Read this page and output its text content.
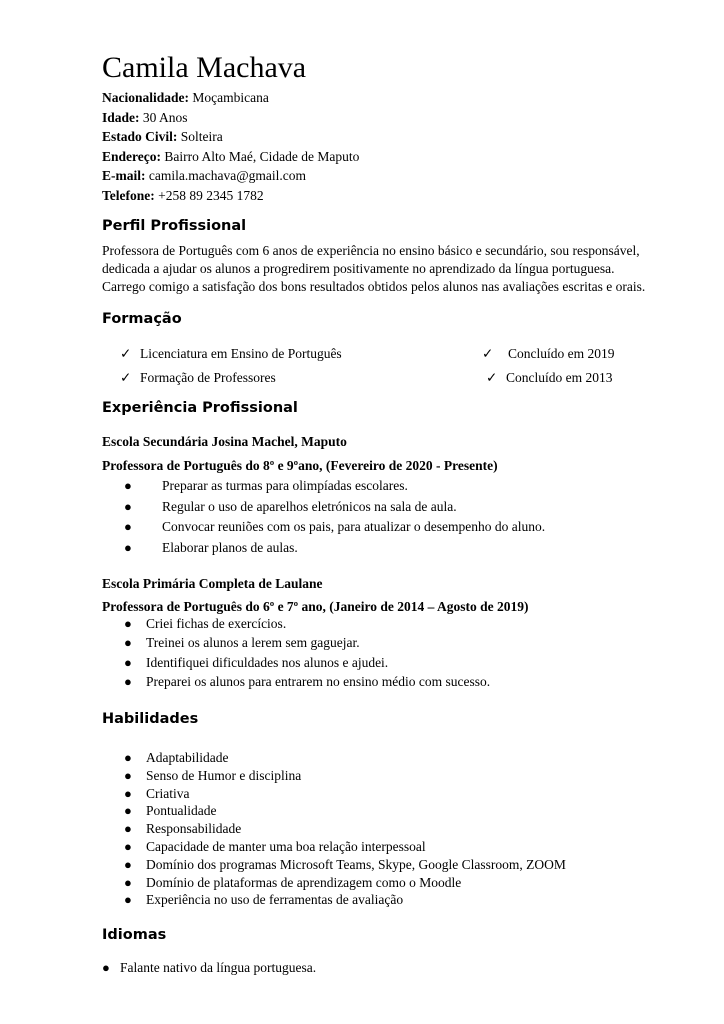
Camila Machava
Nacionalidade: Moçambicana
Idade: 30 Anos
Estado Civil: Solteira
Endereço: Bairro Alto Maé, Cidade de Maputo
E-mail: camila.machava@gmail.com
Telefone: +258 89 2345 1782
Perfil Profissional
Professora de Português com 6 anos de experiência no ensino básico e secundário, sou responsável,
dedicada a ajudar os alunos a progredirem positivamente no aprendizado da língua portuguesa.
Carrego comigo a satisfação dos bons resultados obtidos pelos alunos nas avaliações escritas e orais.
Formação
✓ Licenciatura em Ensino de Português	✓ Concluído em 2019
✓ Formação de Professores	✓ Concluído em 2013
Experiência Profissional
Escola Secundária Josina Machel, Maputo
Professora de Português do 8º e 9ºano, (Fevereiro de 2020 - Presente)
● Preparar as turmas para olimpíadas escolares.
● Regular o uso de aparelhos eletrónicos na sala de aula.
● Convocar reuniões com os pais, para atualizar o desempenho do aluno.
● Elaborar planos de aulas.
Escola Primária Completa de Laulane
Professora de Português do 6º e 7º ano, (Janeiro de 2014 – Agosto de 2019)
● Criei fichas de exercícios.
● Treinei os alunos a lerem sem gaguejar.
● Identifiquei dificuldades nos alunos e ajudei.
● Preparei os alunos para entrarem no ensino médio com sucesso.
Habilidades
● Adaptabilidade
● Senso de Humor e disciplina
● Criativa
● Pontualidade
● Responsabilidade
● Capacidade de manter uma boa relação interpessoal
● Domínio dos programas Microsoft Teams, Skype, Google Classroom, ZOOM
● Domínio de plataformas de aprendizagem como o Moodle
● Experiência no uso de ferramentas de avaliação
Idiomas
● Falante nativo da língua portuguesa.
